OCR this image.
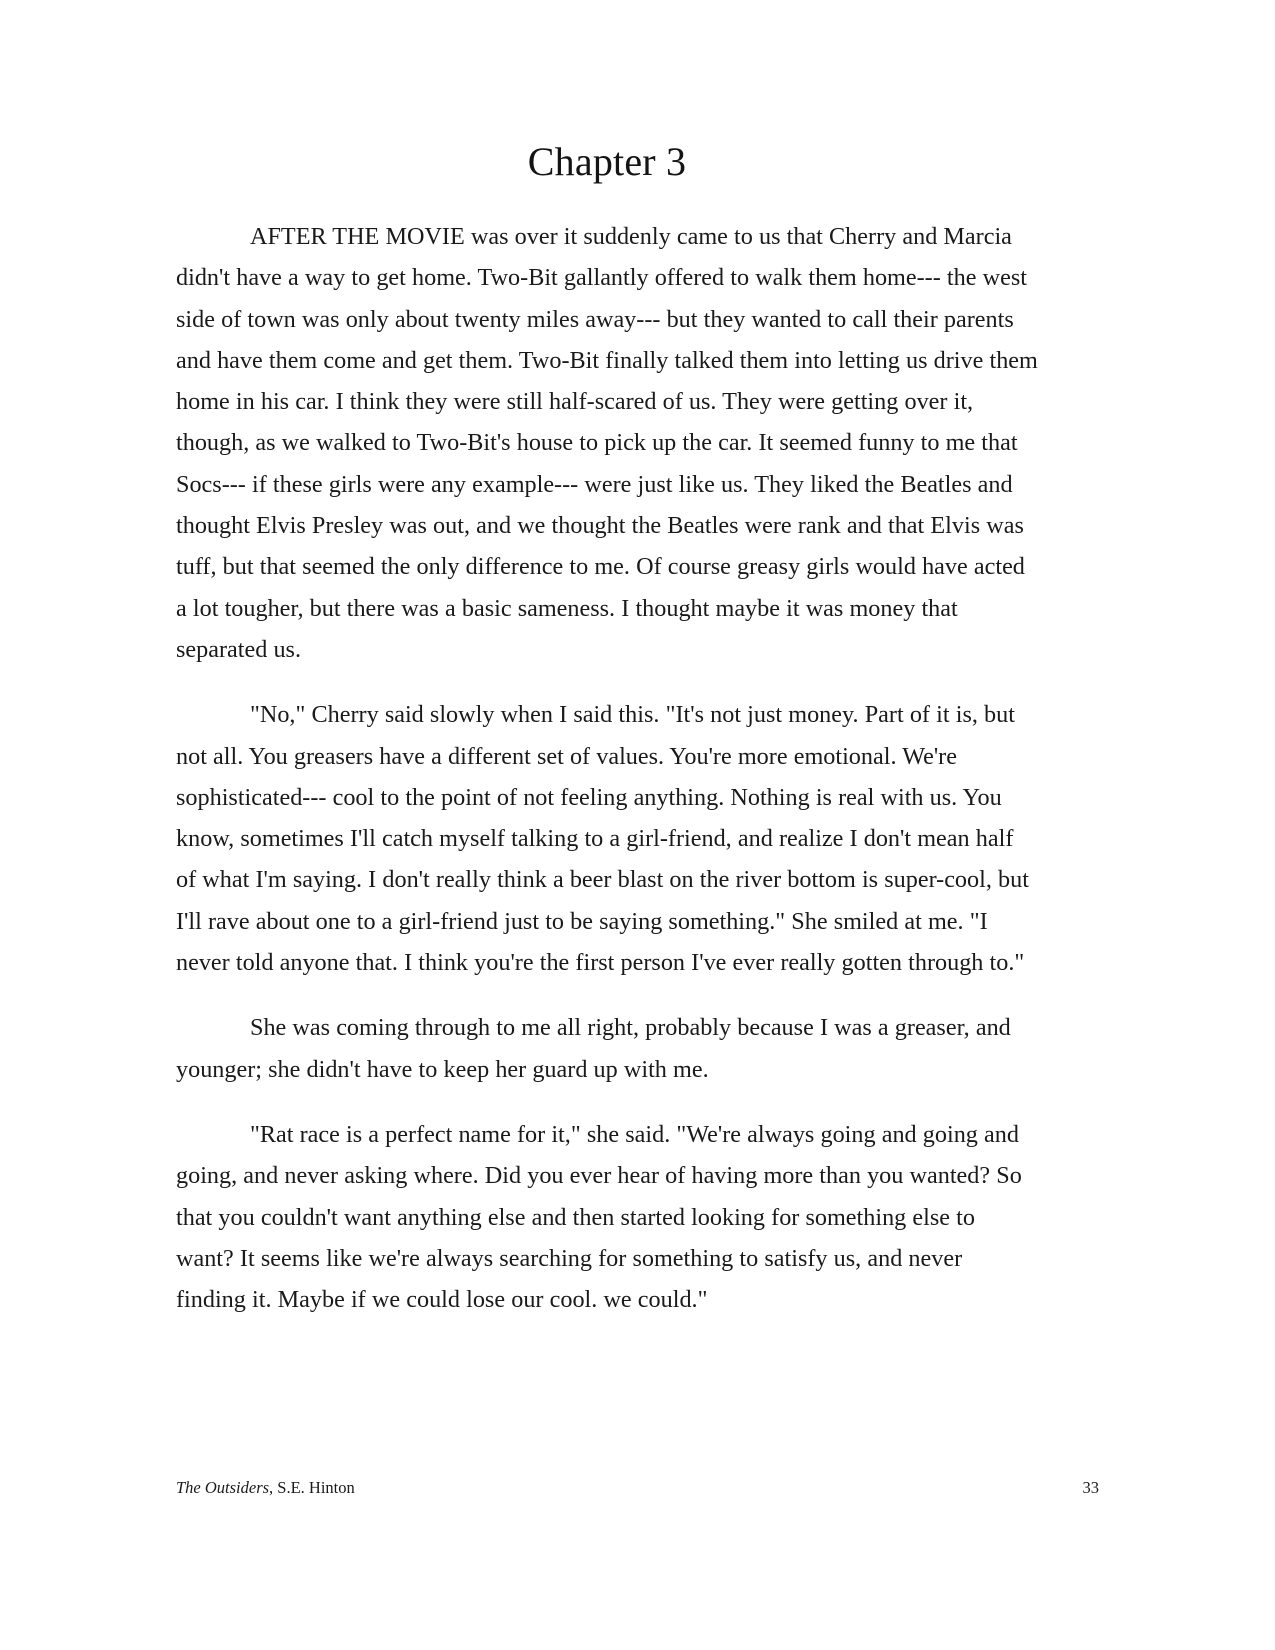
Chapter 3

AFTER THE MOVIE was over it suddenly came to us that Cherry and Marcia didn't have a way to get home. Two-Bit gallantly offered to walk them home--- the west side of town was only about twenty miles away--- but they wanted to call their parents and have them come and get them. Two-Bit finally talked them into letting us drive them home in his car. I think they were still half-scared of us. They were getting over it, though, as we walked to Two-Bit's house to pick up the car. It seemed funny to me that Socs--- if these girls were any example--- were just like us. They liked the Beatles and thought Elvis Presley was out, and we thought the Beatles were rank and that Elvis was tuff, but that seemed the only difference to me. Of course greasy girls would have acted a lot tougher, but there was a basic sameness. I thought maybe it was money that separated us.

"No," Cherry said slowly when I said this. "It's not just money. Part of it is, but not all. You greasers have a different set of values. You're more emotional. We're sophisticated--- cool to the point of not feeling anything. Nothing is real with us. You know, sometimes I'll catch myself talking to a girl-friend, and realize I don't mean half of what I'm saying. I don't really think a beer blast on the river bottom is super-cool, but I'll rave about one to a girl-friend just to be saying something." She smiled at me. "I never told anyone that. I think you're the first person I've ever really gotten through to."

She was coming through to me all right, probably because I was a greaser, and younger; she didn't have to keep her guard up with me.

"Rat race is a perfect name for it," she said. "We're always going and going and going, and never asking where. Did you ever hear of having more than you wanted? So that you couldn't want anything else and then started looking for something else to want? It seems like we're always searching for something to satisfy us, and never finding it. Maybe if we could lose our cool. we could."

The Outsiders, S.E. Hinton	33
